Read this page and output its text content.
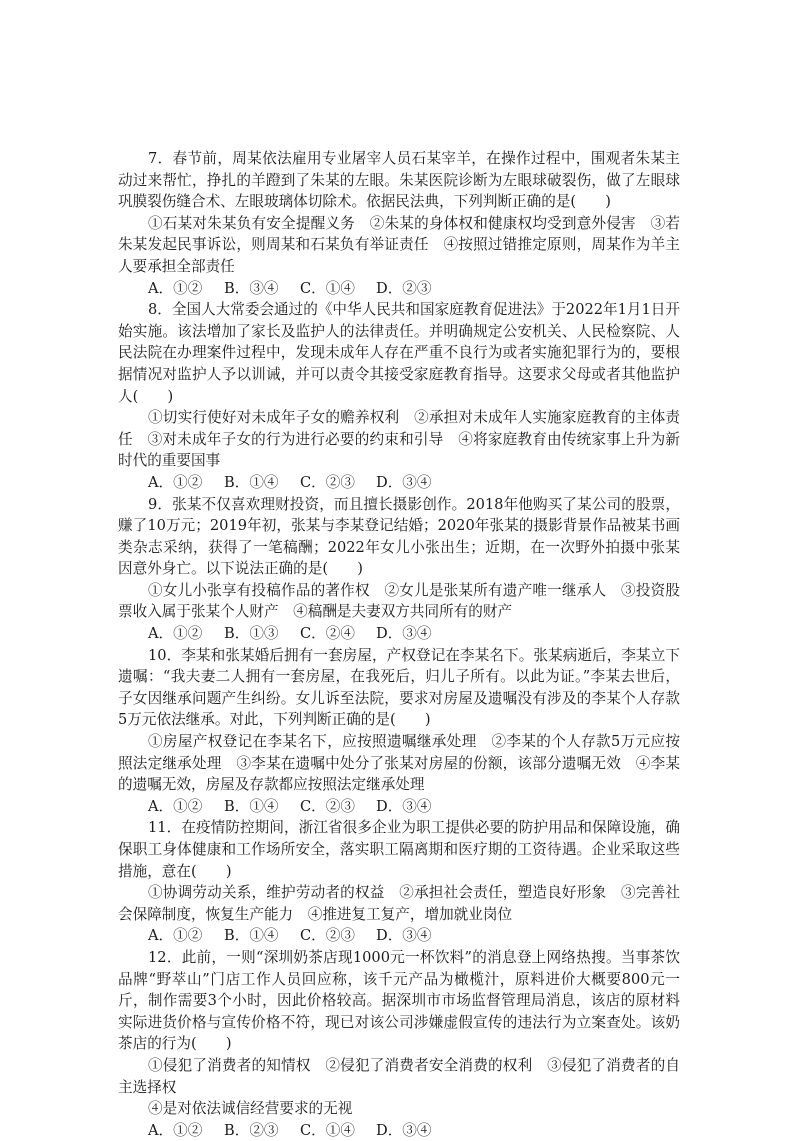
7．春节前，周某依法雇用专业屠宰人员石某宰羊，在操作过程中，围观者朱某主动过来帮忙，挣扎的羊蹬到了朱某的左眼。朱某医院诊断为左眼球破裂伤，做了左眼球巩膜裂伤缝合术、左眼玻璃体切除术。依据民法典，下列判断正确的是(　　)

①石某对朱某负有安全提醒义务　②朱某的身体权和健康权均受到意外侵害　③若朱某发起民事诉讼，则周某和石某负有举证责任　④按照过错推定原则，周某作为羊主人要承担全部责任

A．①② B．③④ C．①④ D．②③

8．全国人大常委会通过的《中华人民共和国家庭教育促进法》于2022年1月1日开始实施。该法增加了家长及监护人的法律责任。并明确规定公安机关、人民检察院、人民法院在办理案件过程中，发现未成年人存在严重不良行为或者实施犯罪行为的，要根据情况对监护人予以训诫，并可以责令其接受家庭教育指导。这要求父母或者其他监护人(　　)

①切实行使好对未成年子女的赡养权利　②承担对未成年人实施家庭教育的主体责任　③对未成年子女的行为进行必要的约束和引导　④将家庭教育由传统家事上升为新时代的重要国事

A．①② B．①④ C．②③ D．③④

9．张某不仅喜欢理财投资，而且擅长摄影创作。2018年他购买了某公司的股票，赚了10万元；2019年初，张某与李某登记结婚；2020年张某的摄影背景作品被某书画类杂志采纳，获得了一笔稿酬；2022年女儿小张出生；近期，在一次野外拍摄中张某因意外身亡。以下说法正确的是(　　)

①女儿小张享有投稿作品的著作权　②女儿是张某所有遗产唯一继承人　③投资股票收入属于张某个人财产　④稿酬是夫妻双方共同所有的财产

A．①② B．①③ C．②④ D．③④

10．李某和张某婚后拥有一套房屋，产权登记在李某名下。张某病逝后，李某立下遗嘱：“我夫妻二人拥有一套房屋，在我死后，归儿子所有。以此为证。”李某去世后，子女因继承问题产生纠纷。女儿诉至法院，要求对房屋及遗嘱没有涉及的李某个人存款5万元依法继承。对此，下列判断正确的是(　　)

①房屋产权登记在李某名下，应按照遗嘱继承处理　②李某的个人存款5万元应按照法定继承处理　③李某在遗嘱中处分了张某对房屋的份额，该部分遗嘱无效　④李某的遗嘱无效，房屋及存款都应按照法定继承处理

A．①② B．①④ C．②③ D．③④

11．在疫情防控期间，浙江省很多企业为职工提供必要的防护用品和保障设施，确保职工身体健康和工作场所安全，落实职工隔离期和医疗期的工资待遇。企业采取这些措施，意在(　　)

①协调劳动关系，维护劳动者的权益　②承担社会责任，塑造良好形象　③完善社会保障制度，恢复生产能力　④推进复工复产，增加就业岗位

A．①② B．①④ C．②③ D．③④

12．此前，一则“深圳奶茶店现1000元一杯饮料”的消息登上网络热搜。当事茶饮品牌“野萃山”门店工作人员回应称，该千元产品为橄榄汁，原料进价大概要800元一斤，制作需要3个小时，因此价格较高。据深圳市市场监督管理局消息，该店的原材料实际进货价格与宣传价格不符，现已对该公司涉嫌虚假宣传的违法行为立案查处。该奶茶店的行为(　　)

①侵犯了消费者的知情权　②侵犯了消费者安全消费的权利　③侵犯了消费者的自主选择权

④是对依法诚信经营要求的无视

A．①② B．②③ C．①④ D．③④
